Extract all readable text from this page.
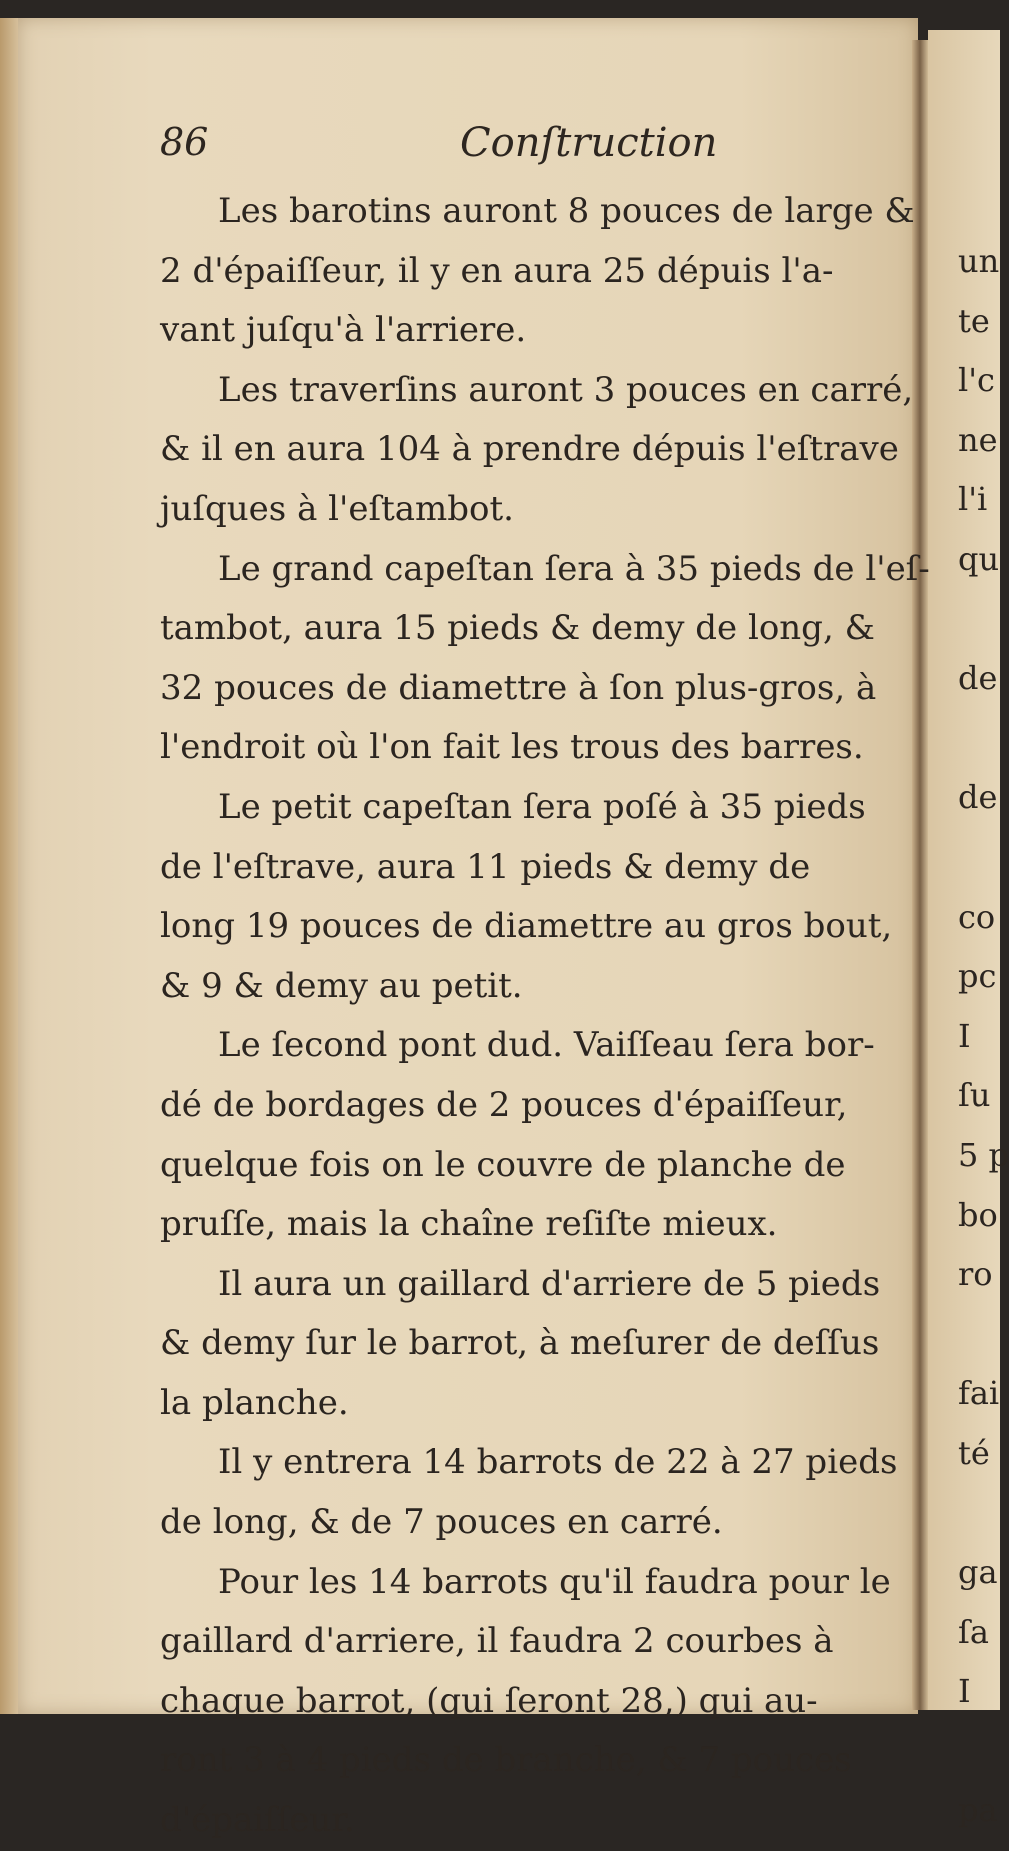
86	Conſtruction
Les barotins auront 8 pouces de large &
2 d'épaiſſeur, il y en aura 25 dépuis l'a-
vant juſqu'à l'arriere.
Les traverſins auront 3 pouces en carré,
& il en aura 104 à prendre dépuis l'eſtrave
juſques à l'eſtambot.
Le grand capeſtan ſera à 35 pieds de l'eſ-
tambot, aura 15 pieds & demy de long, &
32 pouces de diamettre à ſon plus-gros, à
l'endroit où l'on fait les trous des barres.
Le petit capeſtan ſera poſé à 35 pieds
de l'eſtrave, aura 11 pieds & demy de
long 19 pouces de diamettre au gros bout,
& 9 & demy au petit.
Le ſecond pont dud. Vaiſſeau ſera bor-
dé de bordages de 2 pouces d'épaiſſeur,
quelque fois on le couvre de planche de
pruſſe, mais la chaîne reſiſte mieux.
Il aura un gaillard d'arriere de 5 pieds
& demy ſur le barrot, à meſurer de deſſus
la planche.
Il y entrera 14 barrots de 22 à 27 pieds
de long, & de 7 pouces en carré.
Pour les 14 barrots qu'il faudra pour le
gaillard d'arriere, il faudra 2 courbes à
chaque barrot, (qui ſeront 28,) qui au-
ront 3 à 4 pieds de branche, & 7 pouces
d'épaiſſeur.
un
te
l'c
ne
l'i
qu
de
de
co
pc
I
ſu
5 p
bo
ro
fai
té
ga
ſa
I
pa
